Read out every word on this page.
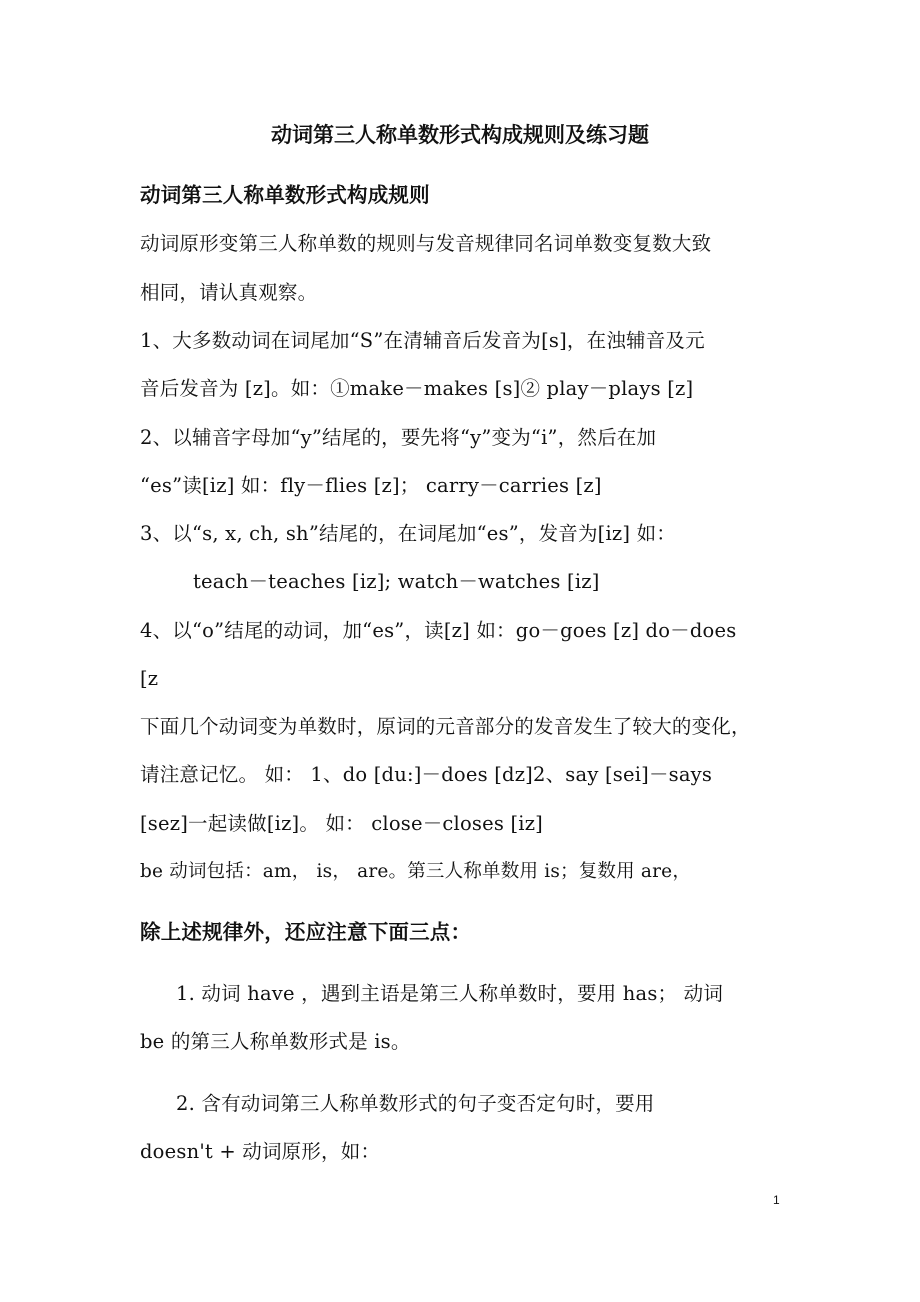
动词第三人称单数形式构成规则及练习题
动词第三人称单数形式构成规则
动词原形变第三人称单数的规则与发音规律同名词单数变复数大致
相同，请认真观察。
1、大多数动词在词尾加“S”在清辅音后发音为[s]，在浊辅音及元
音后发音为 [z]。如：①make－makes [s]② play－plays [z]
2、以辅音字母加“y”结尾的，要先将“y”变为“i”，然后在加
“es”读[iz] 如：fly－flies [z]； carry－carries [z]
3、以“s, x, ch, sh”结尾的，在词尾加“es”，发音为[iz] 如：
teach－teaches [iz]; watch－watches [iz]
4、以“o”结尾的动词，加“es”，读[z] 如：go－goes [z] do－does
[z
下面几个动词变为单数时，原词的元音部分的发音发生了较大的变化，
请注意记忆。 如： 1、do [du:]－does [dz]2、say [sei]－says
[sez]一起读做[iz]。 如： close－closes [iz]
be 动词包括：am， is， are。第三人称单数用 is；复数用 are，
除上述规律外，还应注意下面三点：
1. 动词 have ，遇到主语是第三人称单数时，要用 has； 动词
be 的第三人称单数形式是 is。
2. 含有动词第三人称单数形式的句子变否定句时，要用
doesn't + 动词原形，如：
1
